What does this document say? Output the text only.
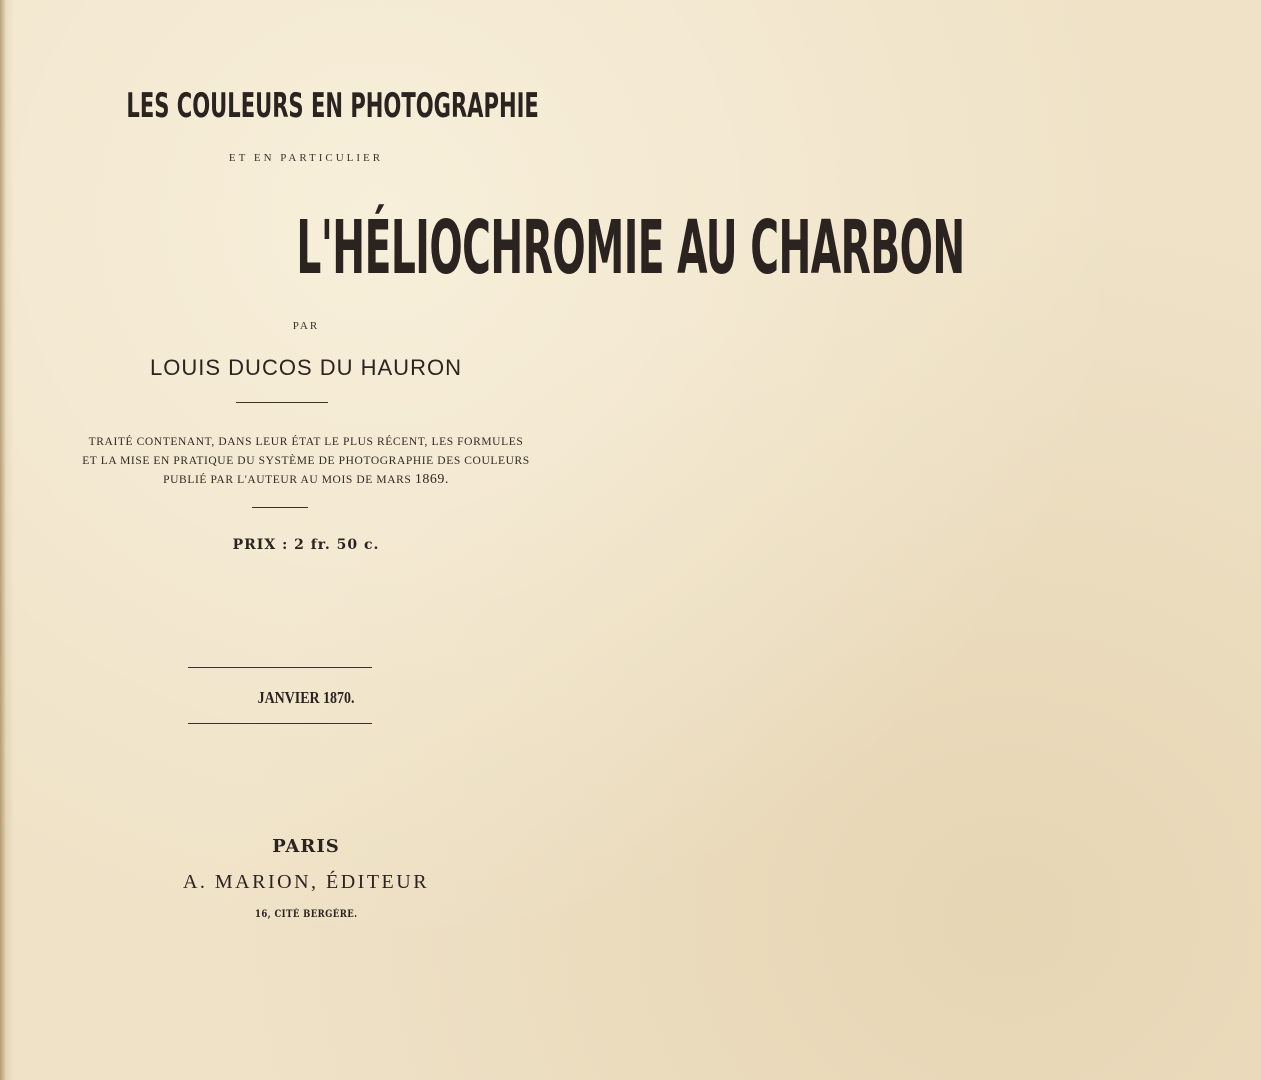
LES COULEURS EN PHOTOGRAPHIE
ET EN PARTICULIER
L'HÉLIOCHROMIE AU CHARBON
PAR
LOUIS DUCOS DU HAURON
TRAITÉ CONTENANT, DANS LEUR ÉTAT LE PLUS RÉCENT, LES FORMULES
ET LA MISE EN PRATIQUE DU SYSTÈME DE PHOTOGRAPHIE DES COULEURS
PUBLIÉ PAR L'AUTEUR AU MOIS DE MARS 1869.
PRIX : 2 fr. 50 c.
JANVIER 1870.
PARIS
A. MARION, ÉDITEUR
16, CITÉ BERGÈRE.
